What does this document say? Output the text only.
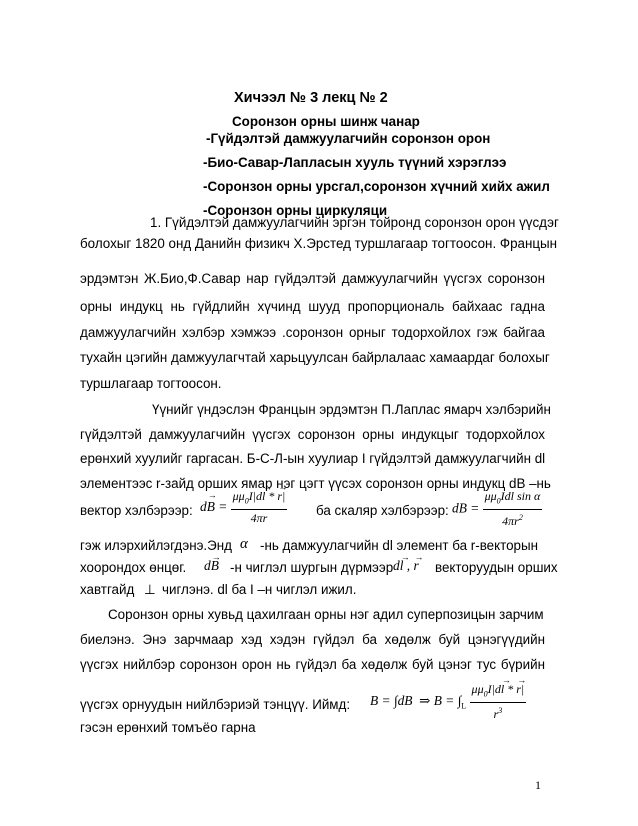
Хичээл № 3 лекц № 2
Соронзон орны шинж чанар
-Гүйдэлтэй дамжуулагчийн соронзон орон
-Био-Савар-Лапласын хууль түүний хэрэглээ
-Соронзон орны урсгал,соронзон хүчний хийх ажил
-Соронзон орны циркуляци
1. Гүйдэлтэй дамжуулагчийн эргэн тойронд соронзон орон үүсдэг
болохыг 1820 онд Данийн физикч Х.Эрстед туршлагаар тогтоосон. Францын
эрдэмтэн Ж.Био,Ф.Савар нар гүйдэлтэй дамжуулагчийн үүсгэх соронзон
орны индукц нь гүйдлийн хүчинд шууд пропорциональ байхаас гадна
дамжуулагчийн хэлбэр хэмжээ .соронзон орныг тодорхойлох гэж байгаа
тухайн цэгийн дамжуулагчтай харьцуулсан байрлалаас хамаардаг болохыг
туршлагаар тогтоосон.
Үүнийг үндэслэн Францын эрдэмтэн П.Лаплас ямарч хэлбэрийн
гүйдэлтэй дамжуулагчийн үүсгэх соронзон орны индукцыг тодорхойлох
ерөнхий хуулийг гаргасан. Б-С-Л-ын хуулиар I гүйдэлтэй дамжуулагчийн dl
элементээс r-зайд орших ямар нэг цэгт үүсэх соронзон орны индукц dB –нь
вектор хэлбэрээр: $d\to B = \frac{\mu\mu_0I|d\to l * \to r|}{4\pi r}$ ба скаляр хэлбэрээр: dB = $\frac{\mu\mu_0Idl \sin \alpha}{4\pi r^2}$
гэж илэрхийлэгдэнэ.Энд α -нь дамжуулагчийн dl элемент ба r-векторын
хоорондох өнцөг. d→ B -н чиглэл шургын дүрмээр d→ l , → r вектоpуудын орших
хавтгайд ⊥ чиглэнэ. dl ба I –н чиглэл ижил.
Соронзон орны хувьд цахилгаан орны нэг адил суперпозицын зарчим
биелэнэ. Энэ зарчмаар хэд хэдэн гүйдэл ба хөдөлж буй цэнэгүүдийн
үүсгэх нийлбэр соронзон орон нь гүйдэл ба хөдөлж буй цэнэг тус бүрийн
үүсгэх орнуудын нийлбэриэй тэнцүү. Иймд: B = ∫dB  ⇒ $B = \int_L \frac{\mu\mu_0I|d\to l * \to r|}{r^3}$
гэсэн ерөнхий томъёо гарна
1
